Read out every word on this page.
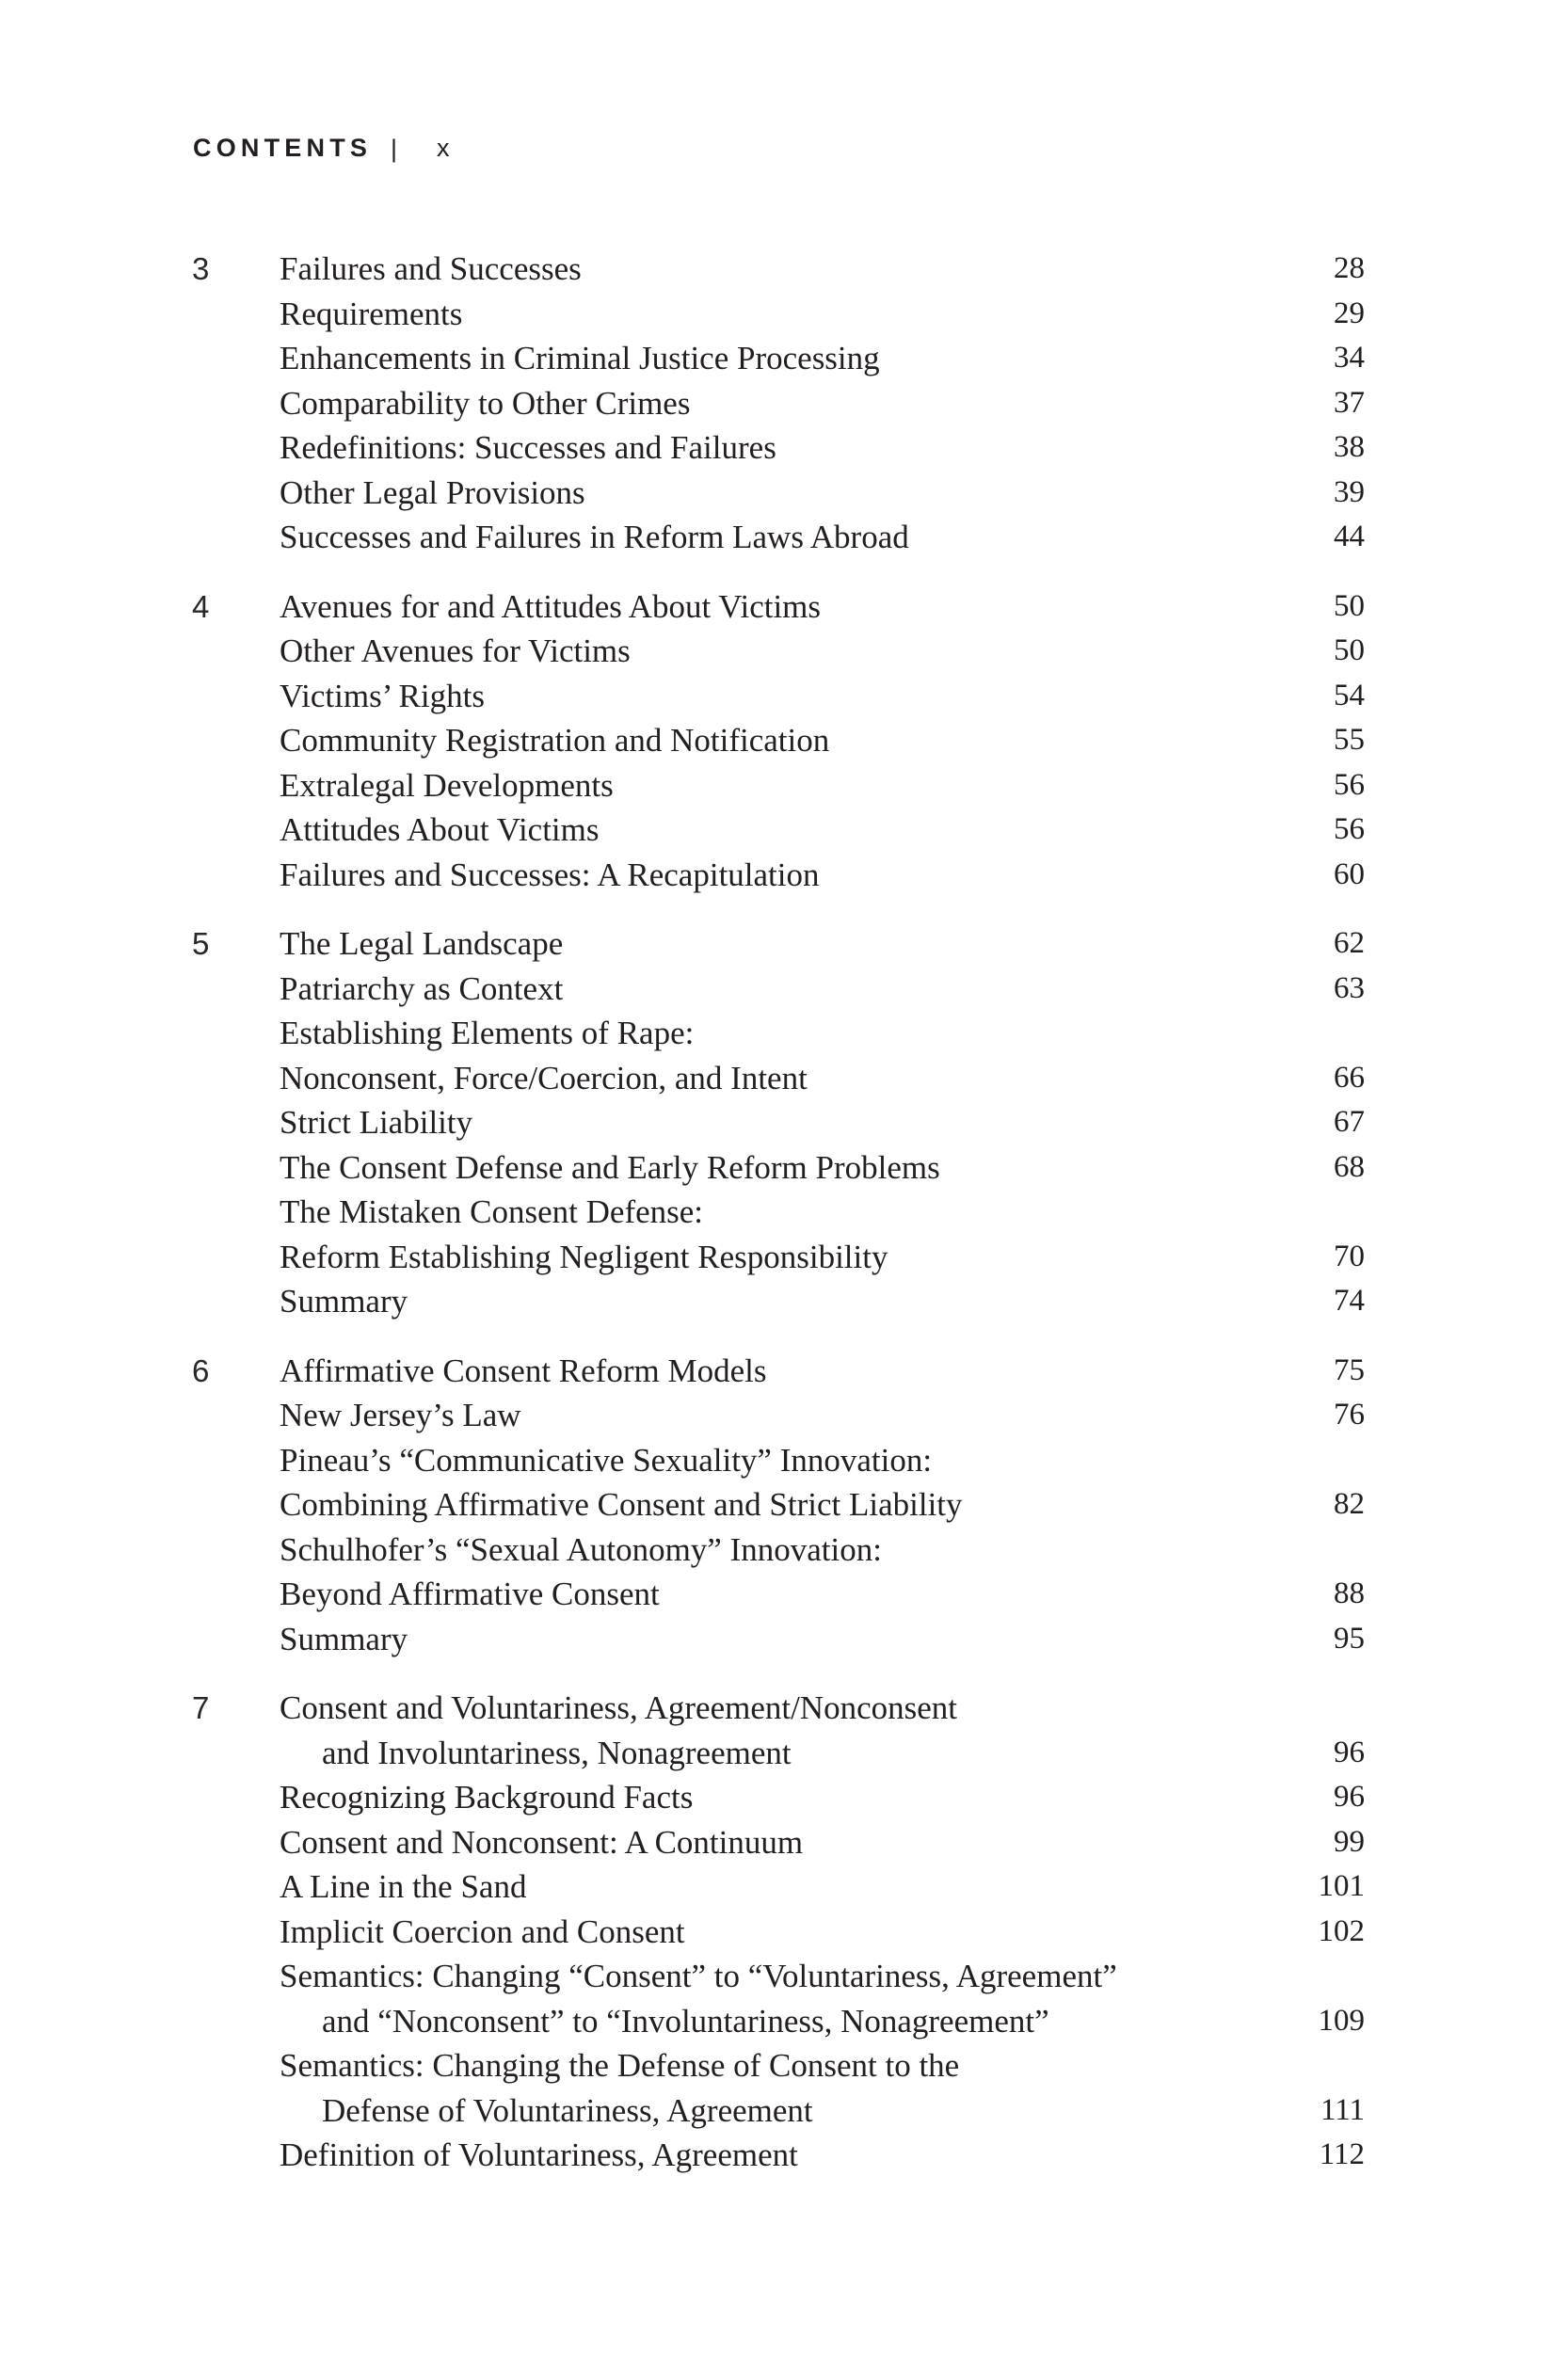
CONTENTS | x
3 Failures and Successes	28
Requirements	29
Enhancements in Criminal Justice Processing	34
Comparability to Other Crimes	37
Redefinitions: Successes and Failures	38
Other Legal Provisions	39
Successes and Failures in Reform Laws Abroad	44
4 Avenues for and Attitudes About Victims	50
Other Avenues for Victims	50
Victims’ Rights	54
Community Registration and Notification	55
Extralegal Developments	56
Attitudes About Victims	56
Failures and Successes: A Recapitulation	60
5 The Legal Landscape	62
Patriarchy as Context	63
Establishing Elements of Rape:
Nonconsent, Force/Coercion, and Intent	66
Strict Liability	67
The Consent Defense and Early Reform Problems	68
The Mistaken Consent Defense:
Reform Establishing Negligent Responsibility	70
Summary	74
6 Affirmative Consent Reform Models	75
New Jersey’s Law	76
Pineau’s “Communicative Sexuality” Innovation:
Combining Affirmative Consent and Strict Liability	82
Schulhofer’s “Sexual Autonomy” Innovation:
Beyond Affirmative Consent	88
Summary	95
7 Consent and Voluntariness, Agreement/Nonconsent
and Involuntariness, Nonagreement	96
Recognizing Background Facts	96
Consent and Nonconsent: A Continuum	99
A Line in the Sand	101
Implicit Coercion and Consent	102
Semantics: Changing “Consent” to “Voluntariness, Agreement”
and “Nonconsent” to “Involuntariness, Nonagreement”	109
Semantics: Changing the Defense of Consent to the
Defense of Voluntariness, Agreement	111
Definition of Voluntariness, Agreement	112
